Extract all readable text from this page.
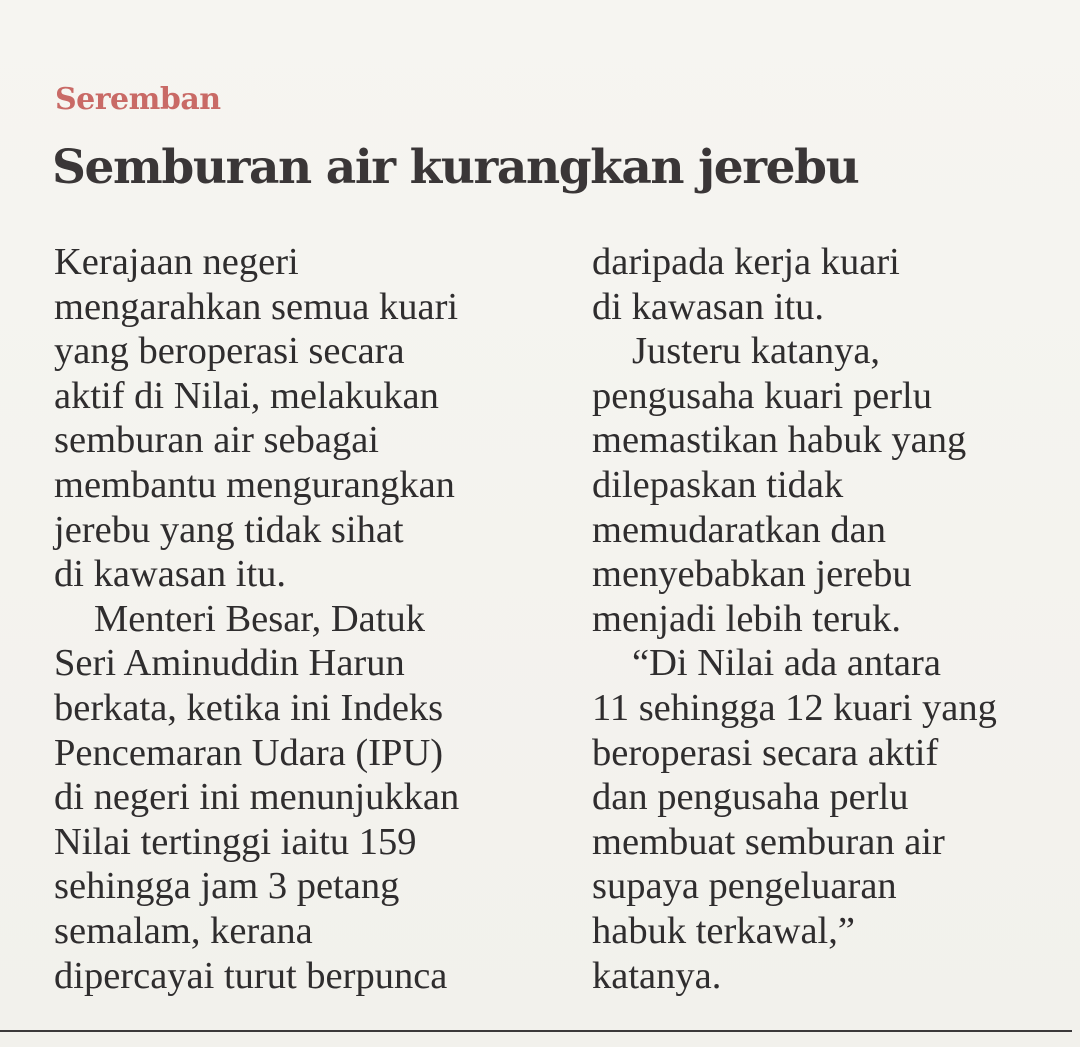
Seremban
Semburan air kurangkan jerebu
Kerajaan negeri
mengarahkan semua kuari
yang beroperasi secara
aktif di Nilai, melakukan
semburan air sebagai
membantu mengurangkan
jerebu yang tidak sihat
di kawasan itu.
Menteri Besar, Datuk
Seri Aminuddin Harun
berkata, ketika ini Indeks
Pencemaran Udara (IPU)
di negeri ini menunjukkan
Nilai tertinggi iaitu 159
sehingga jam 3 petang
semalam, kerana
dipercayai turut berpunca
daripada kerja kuari
di kawasan itu.
Justeru katanya,
pengusaha kuari perlu
memastikan habuk yang
dilepaskan tidak
memudaratkan dan
menyebabkan jerebu
menjadi lebih teruk.
“Di Nilai ada antara
11 sehingga 12 kuari yang
beroperasi secara aktif
dan pengusaha perlu
membuat semburan air
supaya pengeluaran
habuk terkawal,”
katanya.
